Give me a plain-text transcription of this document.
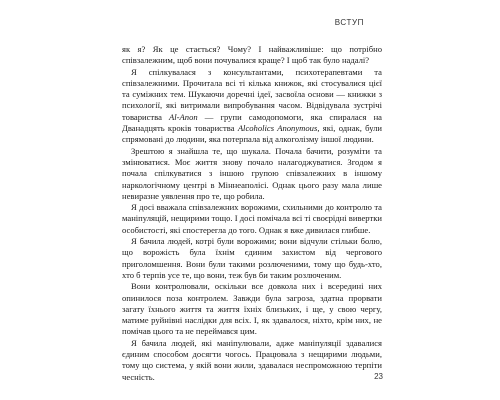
ВСТУП

як я? Як це стається? Чому? І найважливіше: що потрібно співзалежним, щоб вони почувалися краще? І щоб так було надалі?

Я спілкувалася з консультантами, психотерапевтами та співзалежними. Прочитала всі ті кілька книжок, які стосувалися цієї та суміжних тем. Шукаючи доречні ідеї, засвоїла основи — книжки з психології, які витримали випробування часом. Відвідувала зустрічі товариства Al-Anon — групи самодопомоги, яка спиралася на Дванадцять кроків товариства Alcoholics Anonymous, які, однак, були спрямовані до людини, яка потерпала від алкоголізму іншої людини.

Зрештою я знайшла те, що шукала. Почала бачити, розуміти та змінюватися. Моє життя знову почало налагоджуватися. Згодом я почала спілкуватися з іншою групою співзалежних в іншому наркологічному центрі в Міннеаполісі. Однак цього разу мала лише невиразне уявлення про те, що робила.

Я досі вважала співзалежних ворожими, схильними до контролю та маніпуляцій, нещирими тощо. І досі помічала всі ті своєрідні вивертки особистості, які спостерегла до того. Однак я вже дивилася глибше.

Я бачила людей, котрі були ворожими; вони відчули стільки болю, що ворожість була їхнім єдиним захистом від чергового приголомшення. Вони були такими розлюченими, тому що будь-хто, хто б терпів усе те, що вони, теж був би таким розлюченим.

Вони контролювали, оскільки все довкола них і всередині них опинилося поза контролем. Завжди була загроза, здатна прорвати загату їхнього життя та життя їхніх близьких, і ще, у свою чергу, матиме руйнівні наслідки для всіх. І, як здавалося, ніхто, крім них, не помічав цього та не переймався цим.

Я бачила людей, які маніпулювали, адже маніпуляції здавалися єдиним способом досягти чогось. Працювала з нещирими людьми, тому що система, у якій вони жили, здавалася неспроможною терпіти чесність.	23
